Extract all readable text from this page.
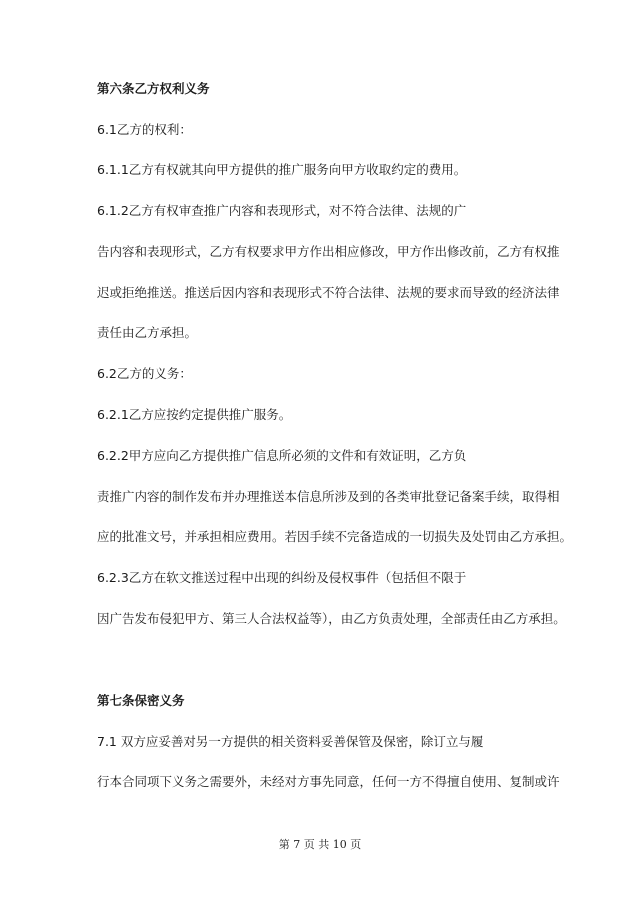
第六条乙方权利义务
6.1乙方的权利：
6.1.1乙方有权就其向甲方提供的推广服务向甲方收取约定的费用。
6.1.2乙方有权审查推广内容和表现形式，对不符合法律、法规的广
告内容和表现形式，乙方有权要求甲方作出相应修改，甲方作出修改前，乙方有权推
迟或拒绝推送。推送后因内容和表现形式不符合法律、法规的要求而导致的经济法律
责任由乙方承担。
6.2乙方的义务：
6.2.1乙方应按约定提供推广服务。
6.2.2甲方应向乙方提供推广信息所必须的文件和有效证明，乙方负
责推广内容的制作发布并办理推送本信息所涉及到的各类审批登记备案手续，取得相
应的批准文号，并承担相应费用。若因手续不完备造成的一切损失及处罚由乙方承担。
6.2.3乙方在软文推送过程中出现的纠纷及侵权事件（包括但不限于
因广告发布侵犯甲方、第三人合法权益等），由乙方负责处理，全部责任由乙方承担。
第七条保密义务
7.1 双方应妥善对另一方提供的相关资料妥善保管及保密，除订立与履
行本合同项下义务之需要外，未经对方事先同意，任何一方不得擅自使用、复制或许
第 7 页 共 10 页
